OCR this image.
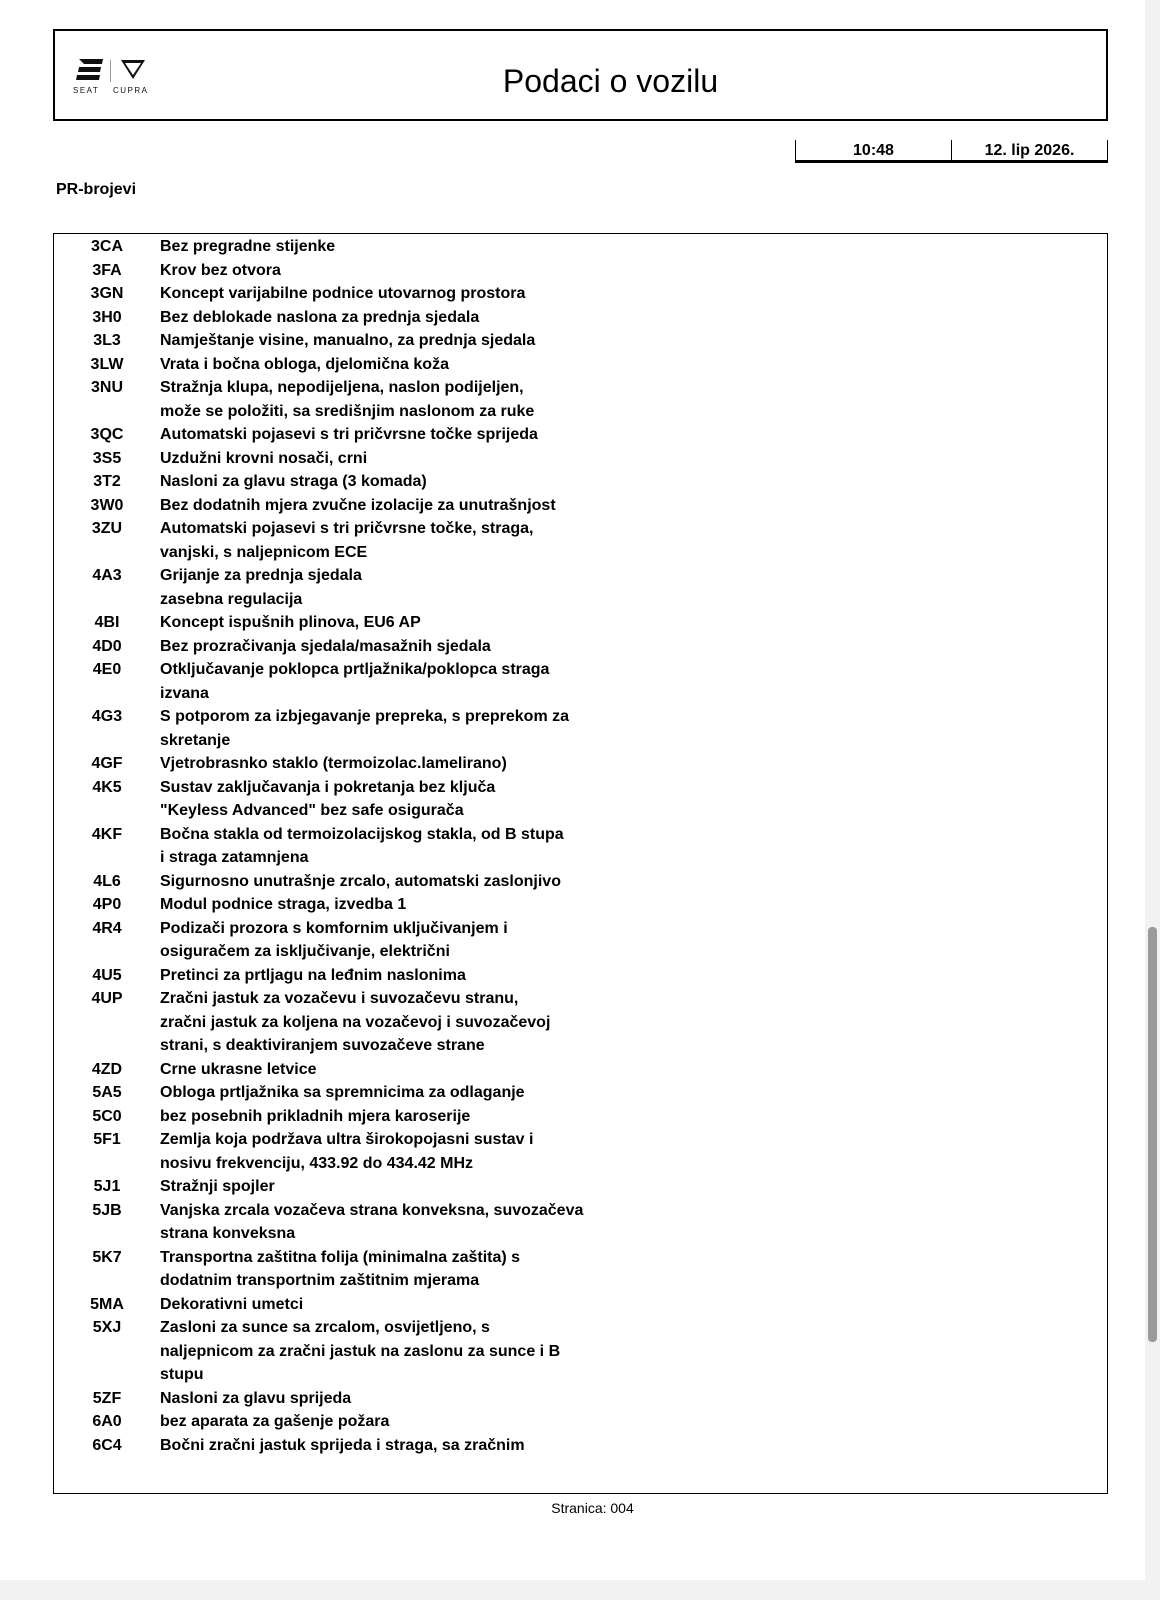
SEAT CUPRA	Podaci o vozilu
10:48	12. lip 2026.
PR-brojevi
3CA	Bez pregradne stijenke
3FA	Krov bez otvora
3GN	Koncept varijabilne podnice utovarnog prostora
3H0	Bez deblokade naslona za prednja sjedala
3L3	Namještanje visine, manualno, za prednja sjedala
3LW	Vrata i bočna obloga, djelomična koža
3NU	Stražnja klupa, nepodijeljena, naslon podijeljen,
može se položiti, sa središnjim naslonom za ruke
3QC	Automatski pojasevi s tri pričvrsne točke sprijeda
3S5	Uzdužni krovni nosači, crni
3T2	Nasloni za glavu straga (3 komada)
3W0	Bez dodatnih mjera zvučne izolacije za unutrašnjost
3ZU	Automatski pojasevi s tri pričvrsne točke, straga,
vanjski, s naljepnicom ECE
4A3	Grijanje za prednja sjedala
zasebna regulacija
4BI	Koncept ispušnih plinova, EU6 AP
4D0	Bez prozračivanja sjedala/masažnih sjedala
4E0	Otključavanje poklopca prtljažnika/poklopca straga
izvana
4G3	S potporom za izbjegavanje prepreka, s preprekom za
skretanje
4GF	Vjetrobrasnko staklo (termoizolac.lamelirano)
4K5	Sustav zaključavanja i pokretanja bez ključa
"Keyless Advanced" bez safe osigurača
4KF	Bočna stakla od termoizolacijskog stakla, od B stupa
i straga zatamnjena
4L6	Sigurnosno unutrašnje zrcalo, automatski zaslonjivo
4P0	Modul podnice straga, izvedba 1
4R4	Podizači prozora s komfornim uključivanjem i
osiguračem za isključivanje, električni
4U5	Pretinci za prtljagu na leđnim naslonima
4UP	Zračni jastuk za vozačevu i suvozačevu stranu,
zračni jastuk za koljena na vozačevoj i suvozačevoj
strani, s deaktiviranjem suvozačeve strane
4ZD	Crne ukrasne letvice
5A5	Obloga prtljažnika sa spremnicima za odlaganje
5C0	bez posebnih prikladnih mjera karoserije
5F1	Zemlja koja podržava ultra širokopojasni sustav i
nosivu frekvenciju, 433.92 do 434.42 MHz
5J1	Stražnji spojler
5JB	Vanjska zrcala vozačeva strana konveksna, suvozačeva
strana konveksna
5K7	Transportna zaštitna folija (minimalna zaštita) s
dodatnim transportnim zaštitnim mjerama
5MA	Dekorativni umetci
5XJ	Zasloni za sunce sa zrcalom, osvijetljeno, s
naljepnicom za zračni jastuk na zaslonu za sunce i B
stupu
5ZF	Nasloni za glavu sprijeda
6A0	bez aparata za gašenje požara
6C4	Bočni zračni jastuk sprijeda i straga, sa zračnim
Stranica: 004
